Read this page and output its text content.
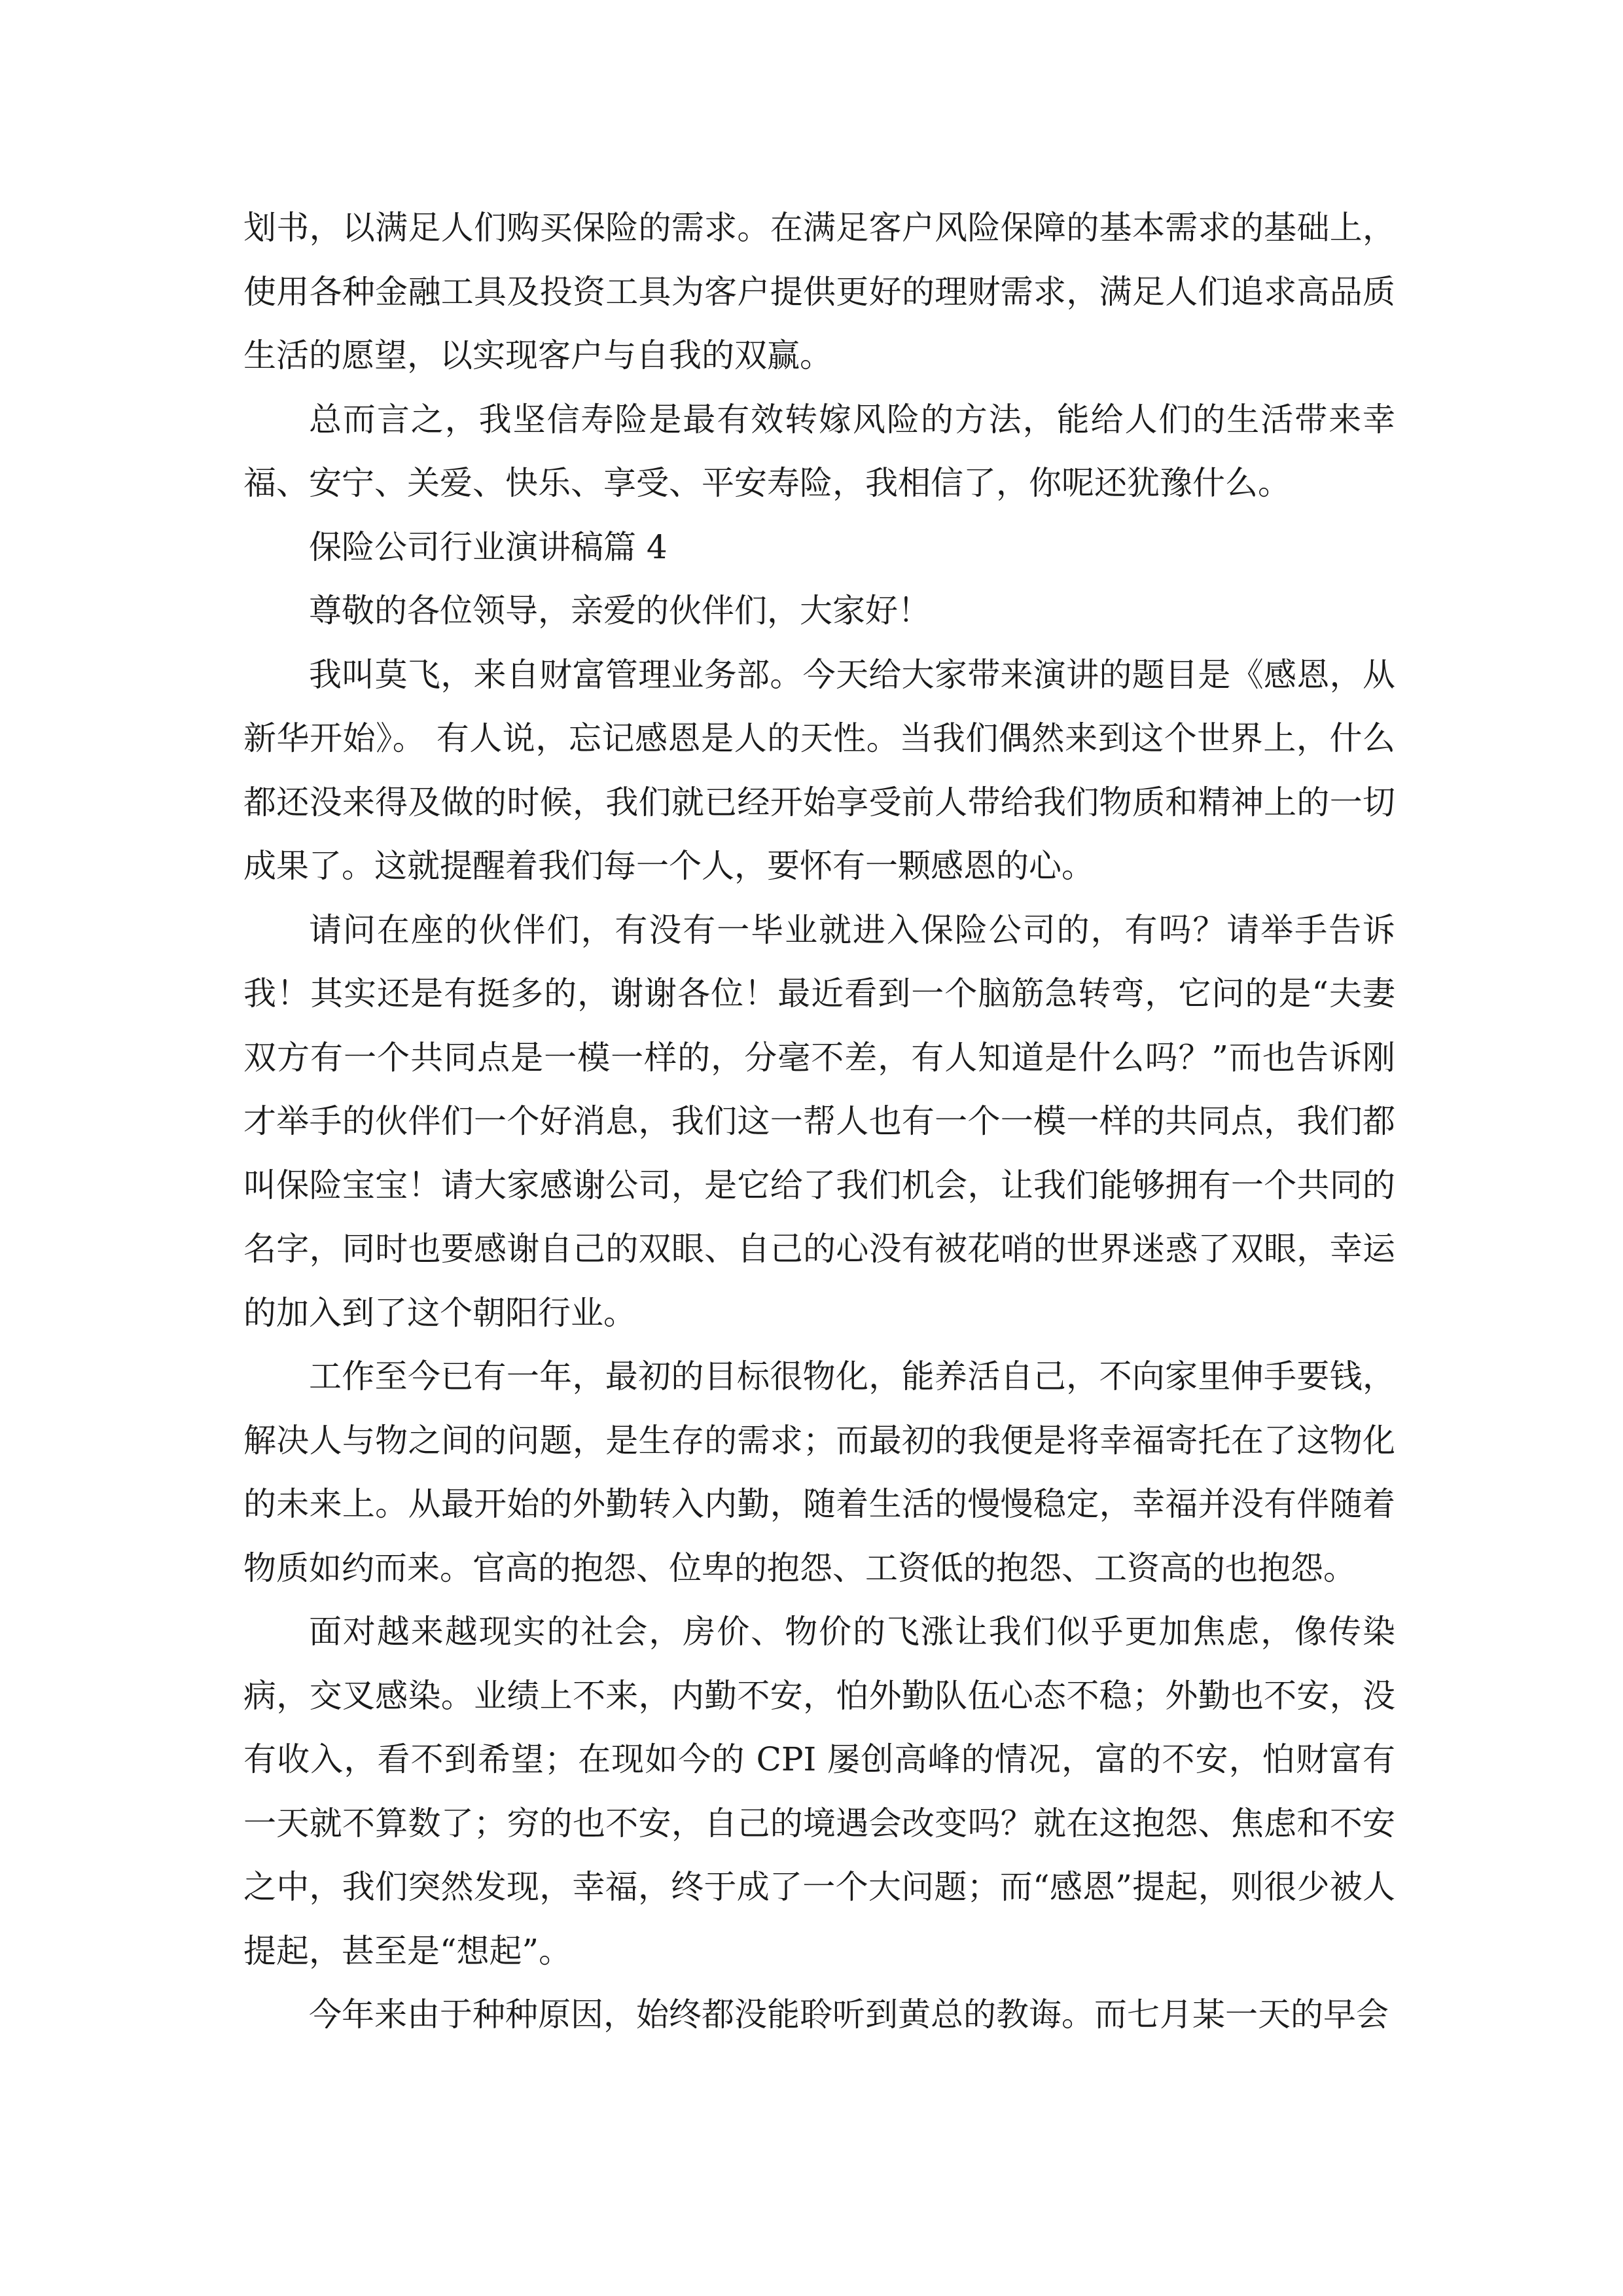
划书，以满足人们购买保险的需求。在满足客户风险保障的基本需求的基础上，使用各种金融工具及投资工具为客户提供更好的理财需求，满足人们追求高品质生活的愿望，以实现客户与自我的双赢。

总而言之，我坚信寿险是最有效转嫁风险的方法，能给人们的生活带来幸福、安宁、关爱、快乐、享受、平安寿险，我相信了，你呢还犹豫什么。

保险公司行业演讲稿篇 4

尊敬的各位领导，亲爱的伙伴们，大家好！

我叫莫飞，来自财富管理业务部。今天给大家带来演讲的题目是《感恩，从新华开始》。 有人说，忘记感恩是人的天性。当我们偶然来到这个世界上，什么都还没来得及做的时候，我们就已经开始享受前人带给我们物质和精神上的一切成果了。这就提醒着我们每一个人，要怀有一颗感恩的心。

请问在座的伙伴们，有没有一毕业就进入保险公司的，有吗？请举手告诉我！其实还是有挺多的，谢谢各位！最近看到一个脑筋急转弯，它问的是“夫妻双方有一个共同点是一模一样的，分毫不差，有人知道是什么吗？”而也告诉刚才举手的伙伴们一个好消息，我们这一帮人也有一个一模一样的共同点，我们都叫保险宝宝！请大家感谢公司，是它给了我们机会，让我们能够拥有一个共同的名字，同时也要感谢自己的双眼、自己的心没有被花哨的世界迷惑了双眼，幸运的加入到了这个朝阳行业。

工作至今已有一年，最初的目标很物化，能养活自己，不向家里伸手要钱，解决人与物之间的问题，是生存的需求；而最初的我便是将幸福寄托在了这物化的未来上。从最开始的外勤转入内勤，随着生活的慢慢稳定，幸福并没有伴随着物质如约而来。官高的抱怨、位卑的抱怨、工资低的抱怨、工资高的也抱怨。

面对越来越现实的社会，房价、物价的飞涨让我们似乎更加焦虑，像传染病，交叉感染。业绩上不来，内勤不安，怕外勤队伍心态不稳；外勤也不安，没有收入，看不到希望；在现如今的 CPI 屡创高峰的情况，富的不安，怕财富有一天就不算数了；穷的也不安，自己的境遇会改变吗？就在这抱怨、焦虑和不安之中，我们突然发现，幸福，终于成了一个大问题；而“感恩”提起，则很少被人提起，甚至是“想起”。

今年来由于种种原因，始终都没能聆听到黄总的教诲。而七月某一天的早会
